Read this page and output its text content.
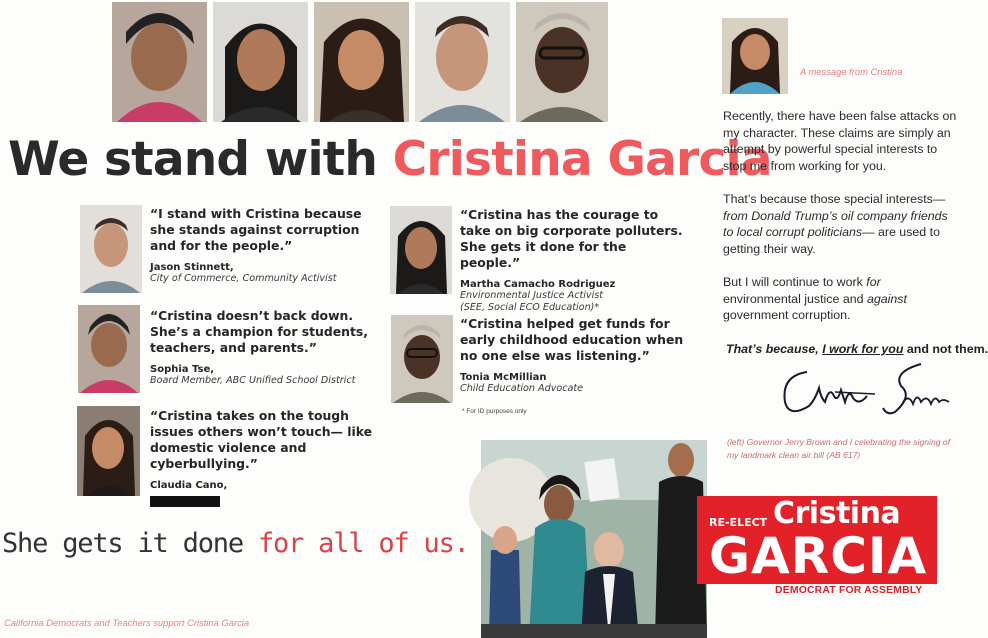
We stand with Cristina Garcia
“I stand with Cristina because she stands against corruption and for the people.”
Jason Stinnett,
City of Commerce, Community Activist
“Cristina doesn’t back down. She’s a champion for students, teachers, and parents.”
Sophia Tse,
Board Member, ABC Unified School District
“Cristina takes on the tough issues others won’t touch— like domestic violence and cyberbullying.”
Claudia Cano,
“Cristina has the courage to take on big corporate polluters. She gets it done for the people.”
Martha Camacho Rodriguez
Environmental Justice Activist
(SEE, Social ECO Education)*
“Cristina helped get funds for early childhood education when no one else was listening.”
Tonia McMillian
Child Education Advocate
* For ID purposes only
She gets it done for all of us.
California Democrats and Teachers support Cristina Garcia
A message from Cristina

Recently, there have been false attacks on
my character. These claims are simply an
attempt by powerful special interests to
stop me from working for you.

That’s because those special interests—
from Donald Trump’s oil company friends
to local corrupt politicians— are used to
getting their way.

But I will continue to work for
environmental justice and against
government corruption.

That’s because, I work for you and not them.
(left) Governor Jerry Brown and I celebrating the signing of my landmark clean air bill (AB 617)
RE-ELECT Cristina
GARCIA
DEMOCRAT FOR ASSEMBLY
